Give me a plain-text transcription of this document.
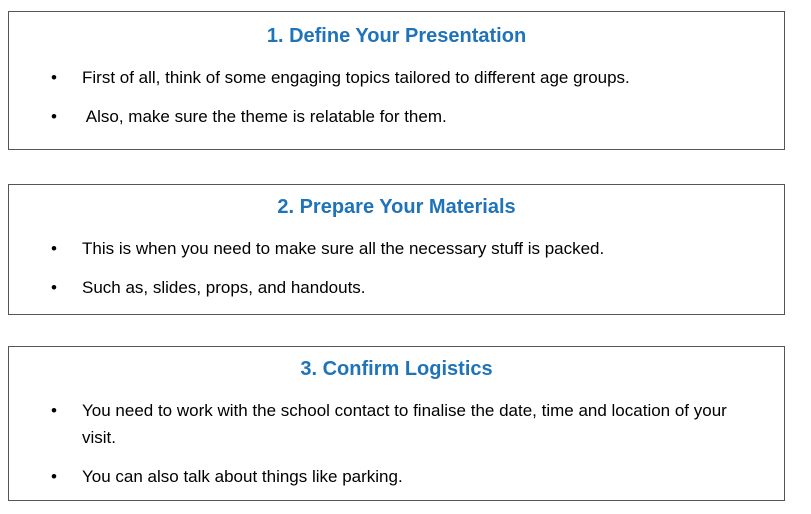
1. Define Your Presentation
• First of all, think of some engaging topics tailored to different age groups.
• Also, make sure the theme is relatable for them.
2. Prepare Your Materials
• This is when you need to make sure all the necessary stuff is packed.
• Such as, slides, props, and handouts.
3. Confirm Logistics
• You need to work with the school contact to finalise the date, time and location of your visit.
• You can also talk about things like parking.
